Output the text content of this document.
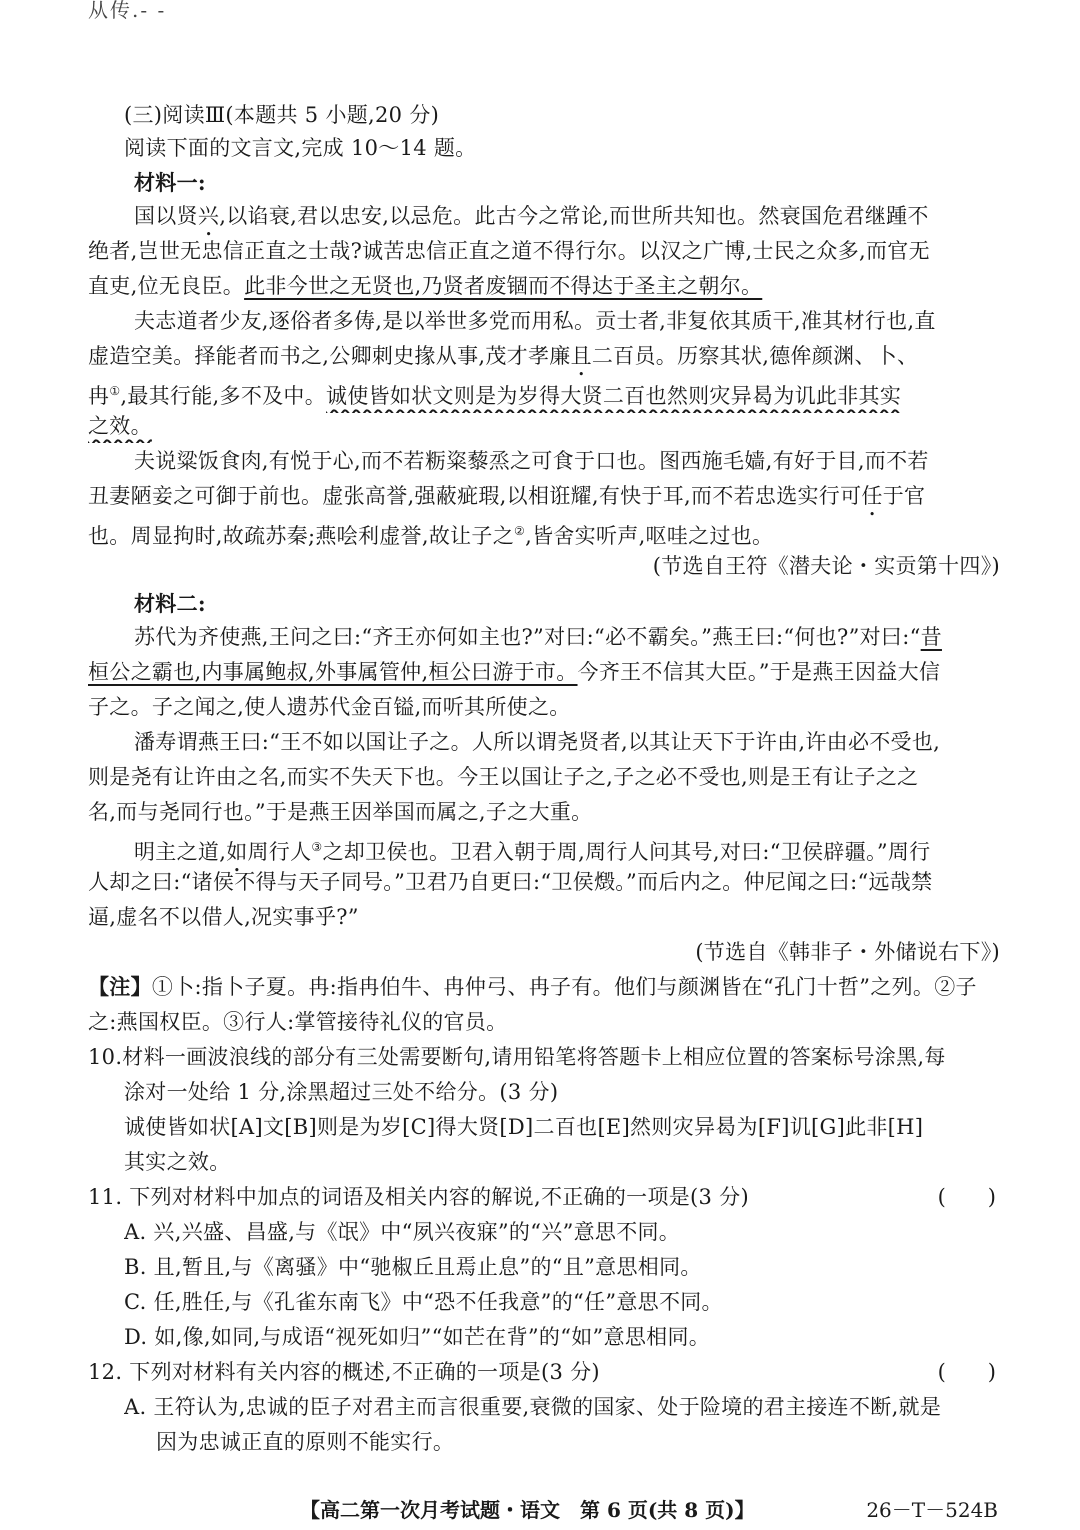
从传.- -
(三)阅读Ⅲ(本题共 5 小题,20 分)
阅读下面的文言文,完成 10～14 题。
材料一:
国以贤兴,以谄衰,君以忠安,以忌危。此古今之常论,而世所共知也。然衰国危君继踵不
绝者,岂世无忠信正直之士哉?诚苦忠信正直之道不得行尔。以汉之广博,士民之众多,而官无
直吏,位无良臣。此非今世之无贤也,乃贤者废锢而不得达于圣主之朝尔。
夫志道者少友,逐俗者多俦,是以举世多党而用私。贡士者,非复依其质干,准其材行也,直
虚造空美。择能者而书之,公卿刺史掾从事,茂才孝廉且二百员。历察其状,德侔颜渊、卜、
冉①,最其行能,多不及中。诚使皆如状文则是为岁得大贤二百也然则灾异曷为讥此非其实
之效。
夫说粱饭食肉,有悦于心,而不若粝粢藜烝之可食于口也。图西施毛嫱,有好于目,而不若
丑妻陋妾之可御于前也。虚张高誉,强蔽疵瑕,以相诳耀,有快于耳,而不若忠选实行可任于官
也。周显拘时,故疏苏秦;燕哙利虚誉,故让子之②,皆舍实听声,呕哇之过也。
(节选自王符《潜夫论・实贡第十四》)
材料二:
苏代为齐使燕,王问之曰:“齐王亦何如主也?”对曰:“必不霸矣。”燕王曰:“何也?”对曰:“昔
桓公之霸也,内事属鲍叔,外事属管仲,桓公曰游于市。今齐王不信其大臣。”于是燕王因益大信
子之。子之闻之,使人遗苏代金百镒,而听其所使之。
潘寿谓燕王曰:“王不如以国让子之。人所以谓尧贤者,以其让天下于许由,许由必不受也,
则是尧有让许由之名,而实不失天下也。今王以国让子之,子之必不受也,则是王有让子之之
名,而与尧同行也。”于是燕王因举国而属之,子之大重。
明主之道,如周行人③之却卫侯也。卫君入朝于周,周行人问其号,对曰:“卫侯辟疆。”周行
人却之曰:“诸侯不得与天子同号。”卫君乃自更曰:“卫侯燬。”而后内之。仲尼闻之曰:“远哉禁
逼,虚名不以借人,况实事乎?”
(节选自《韩非子・外储说右下》)
【注】①卜:指卜子夏。冉:指冉伯牛、冉仲弓、冉子有。他们与颜渊皆在“孔门十哲”之列。②子
之:燕国权臣。③行人:掌管接待礼仪的官员。
10.材料一画波浪线的部分有三处需要断句,请用铅笔将答题卡上相应位置的答案标号涂黑,每
涂对一处给 1 分,涂黑超过三处不给分。(3 分)
诚使皆如状[A]文[B]则是为岁[C]得大贤[D]二百也[E]然则灾异曷为[F]讥[G]此非[H]
其实之效。
11. 下列对材料中加点的词语及相关内容的解说,不正确的一项是(3 分)	(　　)
A. 兴,兴盛、昌盛,与《氓》中“夙兴夜寐”的“兴”意思不同。
B. 且,暂且,与《离骚》中“驰椒丘且焉止息”的“且”意思相同。
C. 任,胜任,与《孔雀东南飞》中“恐不任我意”的“任”意思不同。
D. 如,像,如同,与成语“视死如归”“如芒在背”的“如”意思相同。
12. 下列对材料有关内容的概述,不正确的一项是(3 分)	(　　)
A. 王符认为,忠诚的臣子对君主而言很重要,衰微的国家、处于险境的君主接连不断,就是
因为忠诚正直的原则不能实行。
【高二第一次月考试题・语文　第 6 页(共 8 页)】	26－T－524B
